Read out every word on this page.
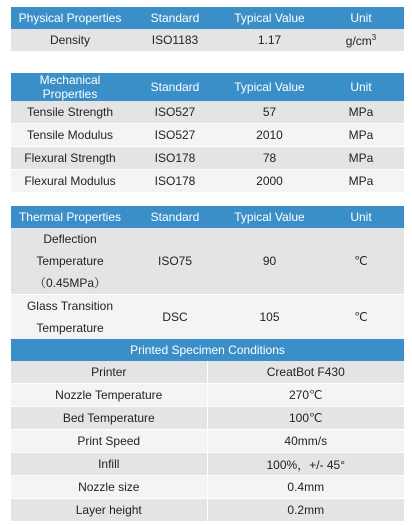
Physical Properties	Standard	Typical Value	Unit
Density	ISO1183	1.17	$g/cm^3$
Mechanical Properties	Standard	Typical Value	Unit
Tensile Strength	ISO527	57	MPa
Tensile Modulus	ISO527	2010	MPa
Flexural Strength	ISO178	78	MPa
Flexural Modulus	ISO178	2000	MPa
Thermal Properties	Standard	Typical Value	Unit

Deflection Temperature
（0.45MPa）	ISO75	90	℃

Glass Transition
Temperature	DSC	105	℃
Printed Specimen Conditions	
Printer	CreatBot F430
Nozzle Temperature	270℃
Bed Temperature	100℃
Print Speed	40mm/s
Infill	100%，+/- 45°
Nozzle size	0.4mm
Layer height	0.2mm
